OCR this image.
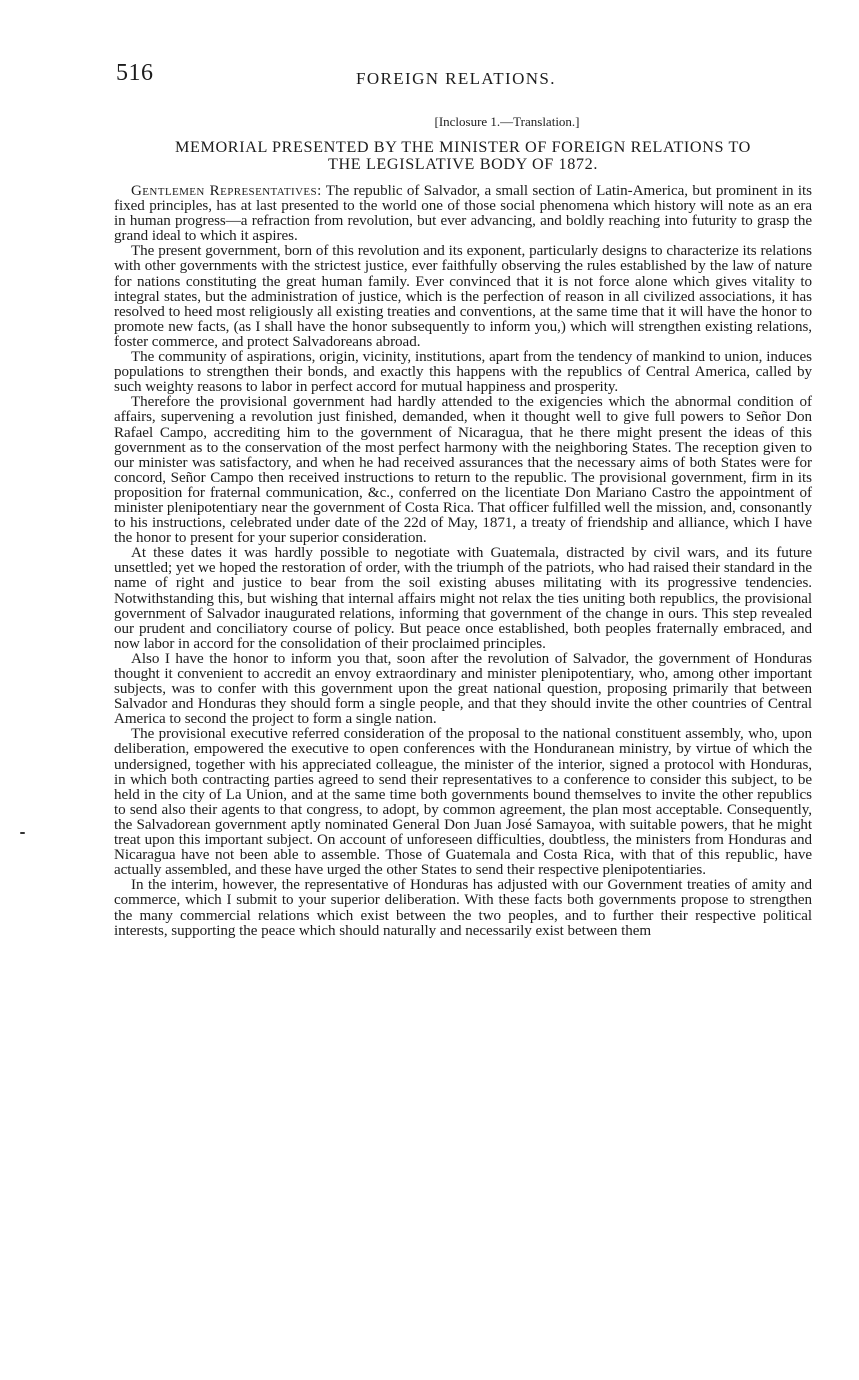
516	FOREIGN RELATIONS.
[Inclosure 1.—Translation.]
MEMORIAL PRESENTED BY THE MINISTER OF FOREIGN RELATIONS TO
THE LEGISLATIVE BODY OF 1872.

Gentlemen Representatives: The republic of Salvador, a small section of Latin-America, but prominent in its fixed principles, has at last presented to the world one of those social phenomena which history will note as an era in human progress—a refraction from revolution, but ever advancing, and boldly reaching into futurity to grasp the grand ideal to which it aspires.

The present government, born of this revolution and its exponent, particularly designs to characterize its relations with other governments with the strictest justice, ever faithfully observing the rules established by the law of nature for nations constituting the great human family. Ever convinced that it is not force alone which gives vitality to integral states, but the administration of justice, which is the perfection of reason in all civilized associations, it has resolved to heed most religiously all existing treaties and conventions, at the same time that it will have the honor to promote new facts, (as I shall have the honor subsequently to inform you,) which will strengthen existing relations, foster commerce, and protect Salvadoreans abroad.

The community of aspirations, origin, vicinity, institutions, apart from the tendency of mankind to union, induces populations to strengthen their bonds, and exactly this happens with the republics of Central America, called by such weighty reasons to labor in perfect accord for mutual happiness and prosperity.

Therefore the provisional government had hardly attended to the exigencies which the abnormal condition of affairs, supervening a revolution just finished, demanded, when it thought well to give full powers to Señor Don Rafael Campo, accrediting him to the government of Nicaragua, that he there might present the ideas of this government as to the conservation of the most perfect harmony with the neighboring States. The reception given to our minister was satisfactory, and when he had received assurances that the necessary aims of both States were for concord, Señor Campo then received instructions to return to the republic. The provisional government, firm in its proposition for fraternal communication, &c., conferred on the licentiate Don Mariano Castro the appointment of minister plenipotentiary near the government of Costa Rica. That officer fulfilled well the mission, and, consonantly to his instructions, celebrated under date of the 22d of May, 1871, a treaty of friendship and alliance, which I have the honor to present for your superior consideration.

At these dates it was hardly possible to negotiate with Guatemala, distracted by civil wars, and its future unsettled; yet we hoped the restoration of order, with the triumph of the patriots, who had raised their standard in the name of right and justice to bear from the soil existing abuses militating with its progressive tendencies. Notwithstanding this, but wishing that internal affairs might not relax the ties uniting both republics, the provisional government of Salvador inaugurated relations, informing that government of the change in ours. This step revealed our prudent and conciliatory course of policy. But peace once established, both peoples fraternally embraced, and now labor in accord for the consolidation of their proclaimed principles.

Also I have the honor to inform you that, soon after the revolution of Salvador, the government of Honduras thought it convenient to accredit an envoy extraordinary and minister plenipotentiary, who, among other important subjects, was to confer with this government upon the great national question, proposing primarily that between Salvador and Honduras they should form a single people, and that they should invite the other countries of Central America to second the project to form a single nation.

The provisional executive referred consideration of the proposal to the national constituent assembly, who, upon deliberation, empowered the executive to open conferences with the Honduranean ministry, by virtue of which the undersigned, together with his appreciated colleague, the minister of the interior, signed a protocol with Honduras, in which both contracting parties agreed to send their representatives to a conference to consider this subject, to be held in the city of La Union, and at the same time both governments bound themselves to invite the other republics to send also their agents to that congress, to adopt, by common agreement, the plan most acceptable. Consequently, the Salvadorean government aptly nominated General Don Juan José Samayoa, with suitable powers, that he might treat upon this important subject. On account of unforeseen difficulties, doubtless, the ministers from Honduras and Nicaragua have not been able to assemble. Those of Guatemala and Costa Rica, with that of this republic, have actually assembled, and these have urged the other States to send their respective plenipotentiaries.

In the interim, however, the representative of Honduras has adjusted with our Government treaties of amity and commerce, which I submit to your superior deliberation. With these facts both governments propose to strengthen the many commercial relations which exist between the two peoples, and to further their respective political interests, supporting the peace which should naturally and necessarily exist between them
